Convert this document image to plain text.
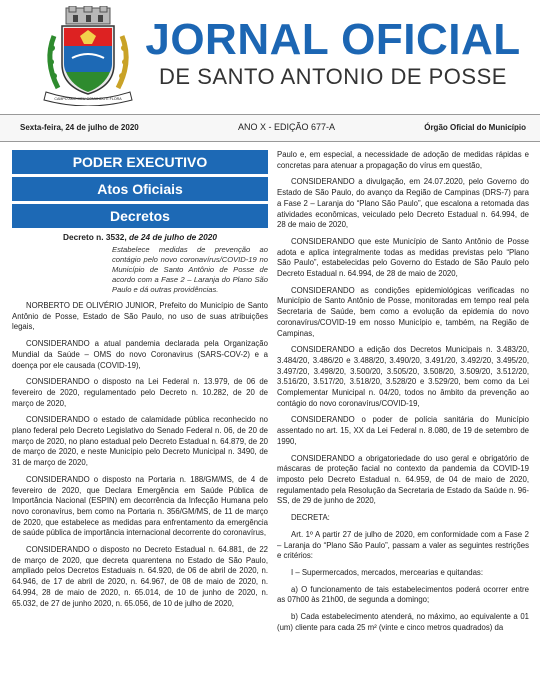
CAMPO AMO MEU COMANDO E FLORA
JORNAL OFICIAL
DE SANTO ANTONIO DE POSSE
Sexta-feira, 24 de julho de 2020	ANO X - EDIÇÃO 677-A	Órgão Oficial do Município
PODER EXECUTIVO
Atos Oficiais
Decretos
Decreto n. 3532, de 24 de julho de 2020
Estabelece medidas de prevenção ao contágio pelo novo coronavírus/COVID-19 no Município de Santo Antônio de Posse de acordo com a Fase 2 – Laranja do Plano São Paulo e dá outras providências.

NORBERTO DE OLIVÉRIO JUNIOR, Prefeito do Município de Santo Antônio de Posse, Estado de São Paulo, no uso de suas atribuições legais,

CONSIDERANDO a atual pandemia declarada pela Organização Mundial da Saúde – OMS do novo Coronavirus (SARS-COV-2) e a doença por ele causada (COVID-19),

CONSIDERANDO o disposto na Lei Federal n. 13.979, de 06 de fevereiro de 2020, regulamentado pelo Decreto n. 10.282, de 20 de março de 2020,

CONSIDERANDO o estado de calamidade pública reconhecido no plano federal pelo Decreto Legislativo do Senado Federal n. 06, de 20 de março de 2020, no plano estadual pelo Decreto Estadual n. 64.879, de 20 de março de 2020, e neste Município pelo Decreto Municipal n. 3490, de 31 de março de 2020,

CONSIDERANDO o disposto na Portaria n. 188/GM/MS, de 4 de fevereiro de 2020, que Declara Emergência em Saúde Pública de Importância Nacional (ESPIN) em decorrência da Infecção Humana pelo novo coronavírus, bem como na Portaria n. 356/GM/MS, de 11 de março de 2020, que estabelece as medidas para enfrentamento da emergência de saúde pública de importância internacional decorrente do coronavírus,

CONSIDERANDO o disposto no Decreto Estadual n. 64.881, de 22 de março de 2020, que decreta quarentena no Estado de São Paulo, ampliado pelos Decretos Estaduais n. 64.920, de 06 de abril de 2020, n. 64.946, de 17 de abril de 2020, n. 64.967, de 08 de maio de 2020, n. 64.994, 28 de maio de 2020, n. 65.014, de 10 de junho de 2020, n. 65.032, de 27 de junho 2020, n. 65.056, de 10 de julho de 2020,

Paulo e, em especial, a necessidade de adoção de medidas rápidas e concretas para atenuar a propagação do vírus em questão,

CONSIDERANDO a divulgação, em 24.07.2020, pelo Governo do Estado de São Paulo, do avanço da Região de Campinas (DRS-7) para a Fase 2 – Laranja do “Plano São Paulo”, que escalona a retomada das atividades econômicas, veiculado pelo Decreto Estadual n. 64.994, de 28 de maio de 2020,

CONSIDERANDO que este Município de Santo Antônio de Posse adota e aplica integralmente todas as medidas previstas pelo “Plano São Paulo”, estabelecidas pelo Governo do Estado de São Paulo pelo Decreto Estadual n. 64.994, de 28 de maio de 2020,

CONSIDERANDO as condições epidemiológicas verificadas no Município de Santo Antônio de Posse, monitoradas em tempo real pela Secretaria de Saúde, bem como a evolução da epidemia do novo coronavírus/COVID-19 em nosso Município e, também, na Região de Campinas,

CONSIDERANDO a edição dos Decretos Municipais n. 3.483/20, 3.484/20, 3.486/20 e 3.488/20, 3.490/20, 3.491/20, 3.492/20, 3.495/20, 3.497/20, 3.498/20, 3.500/20, 3.505/20, 3.508/20, 3.509/20, 3.512/20, 3.516/20, 3.517/20, 3.518/20, 3.528/20 e 3.529/20, bem como da Lei Complementar Municipal n. 04/20, todos no âmbito da prevenção ao contágio do novo coronavírus/COVID-19,

CONSIDERANDO o poder de polícia sanitária do Município assentado no art. 15, XX da Lei Federal n. 8.080, de 19 de setembro de 1990,

CONSIDERANDO a obrigatoriedade do uso geral e obrigatório de máscaras de proteção facial no contexto da pandemia da COVID-19 imposto pelo Decreto Estadual n. 64.959, de 04 de maio de 2020, regulamentado pela Resolução da Secretaria de Estado da Saúde n. 96-SS, de 29 de junho de 2020,

DECRETA:

Art. 1º A partir 27 de julho de 2020, em conformidade com a Fase 2 – Laranja do “Plano São Paulo”, passam a valer as seguintes restrições e critérios:

I – Supermercados, mercados, mercearias e quitandas:

a) O funcionamento de tais estabelecimentos poderá ocorrer entre as 07h00 às 21h00, de segunda a domingo;

b) Cada estabelecimento atenderá, no máximo, ao equivalente a 01 (um) cliente para cada 25 m² (vinte e cinco metros quadrados) da
